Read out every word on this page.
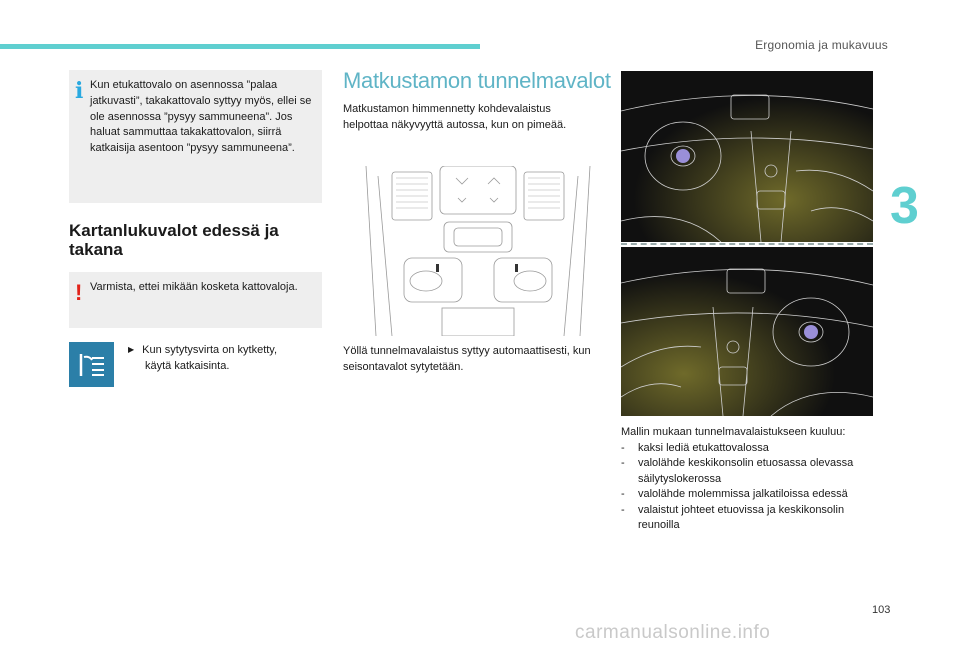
Ergonomia ja mukavuus
3
i Kun etukattovalo on asennossa ”palaa jatkuvasti”, takakattovalo syttyy myös, ellei se ole asennossa ”pysyy sammuneena”. Jos haluat sammuttaa takakattovalon, siirrä katkaisija asentoon ”pysyy sammuneena”.
Kartanlukuvalot edessä ja takana
! Varmista, ettei mikään kosketa kattovaloja.
▶ Kun sytytysvirta on kytketty,
käytä katkaisinta.
Matkustamon tunnelmavalot
Matkustamon himmennetty kohdevalaistus helpottaa näkyvyyttä autossa, kun on pimeää.
Yöllä tunnelmavalaistus syttyy automaattisesti, kun seisontavalot sytytetään.
Mallin mukaan tunnelmavalaistukseen kuuluu:
- kaksi lediä etukattovalossa
- valolähde keskikonsolin etuosassa olevassa säilytyslokerossa
- valolähde molemmissa jalkatiloissa edessä
- valaistut johteet etuovissa ja keskikonsolin reunoilla
103
carmanualsonline.info
